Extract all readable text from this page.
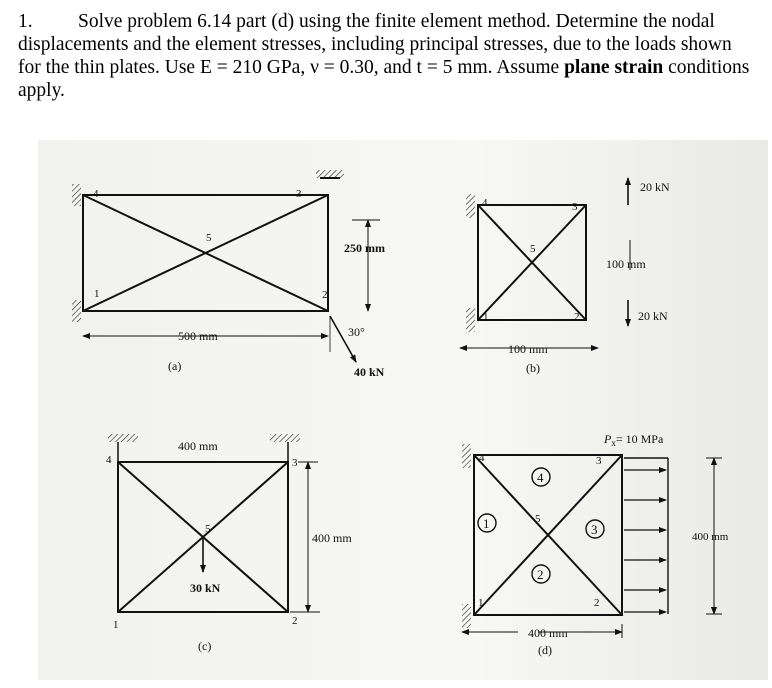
1. Solve problem 6.14 part (d) using the finite element method. Determine the nodal displacements and the element stresses, including principal stresses, due to the loads shown for the thin plates. Use E = 210 GPa, ν = 0.30, and t = 5 mm. Assume plane strain conditions apply.
4	3
5
1	2
500 mm
250 mm
30°
40 kN
(a)
4	3
5
1	2
20 kN
100 mm
20 kN
100 mm
(b)
4	3
5
1	2
400 mm
400 mm
30 kN
(c)
4	3
5
1	2
1
2
3
4
$P_x= 10$ MPa
400 mm
400 mm
(d)
